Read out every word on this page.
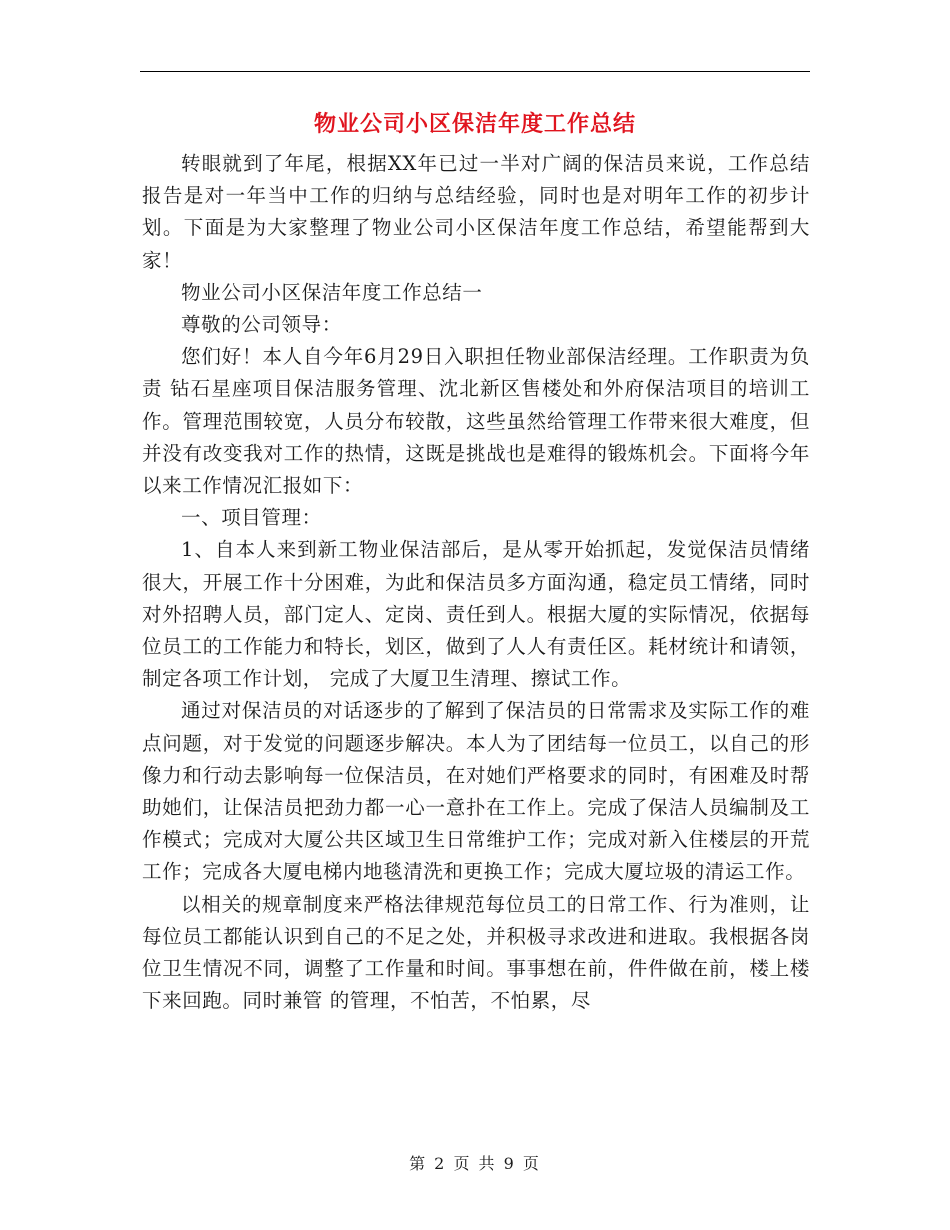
物业公司小区保洁年度工作总结

转眼就到了年尾，根据XX年已过一半对广阔的保洁员来说，工作总结报告是对一年当中工作的归纳与总结经验，同时也是对明年工作的初步计划。下面是为大家整理了物业公司小区保洁年度工作总结，希望能帮到大家！

物业公司小区保洁年度工作总结一

尊敬的公司领导：

您们好！本人自今年6月29日入职担任物业部保洁经理。工作职责为负责 钻石星座项目保洁服务管理、沈北新区售楼处和外府保洁项目的培训工作。管理范围较宽，人员分布较散，这些虽然给管理工作带来很大难度，但并没有改变我对工作的热情，这既是挑战也是难得的锻炼机会。下面将今年以来工作情况汇报如下：

一、项目管理：

1、自本人来到新工物业保洁部后，是从零开始抓起，发觉保洁员情绪很大，开展工作十分困难，为此和保洁员多方面沟通，稳定员工情绪，同时对外招聘人员，部门定人、定岗、责任到人。根据大厦的实际情况，依据每位员工的工作能力和特长，划区，做到了人人有责任区。耗材统计和请领，制定各项工作计划， 完成了大厦卫生清理、擦试工作。

通过对保洁员的对话逐步的了解到了保洁员的日常需求及实际工作的难点问题，对于发觉的问题逐步解决。本人为了团结每一位员工，以自己的形像力和行动去影响每一位保洁员，在对她们严格要求的同时，有困难及时帮助她们，让保洁员把劲力都一心一意扑在工作上。完成了保洁人员编制及工作模式；完成对大厦公共区域卫生日常维护工作；完成对新入住楼层的开荒工作；完成各大厦电梯内地毯清洗和更换工作；完成大厦垃圾的清运工作。

以相关的规章制度来严格法律规范每位员工的日常工作、行为准则，让每位员工都能认识到自己的不足之处，并积极寻求改进和进取。我根据各岗位卫生情况不同，调整了工作量和时间。事事想在前，件件做在前，楼上楼下来回跑。同时兼管 的管理，不怕苦，不怕累，尽

第 2 页 共 9 页
